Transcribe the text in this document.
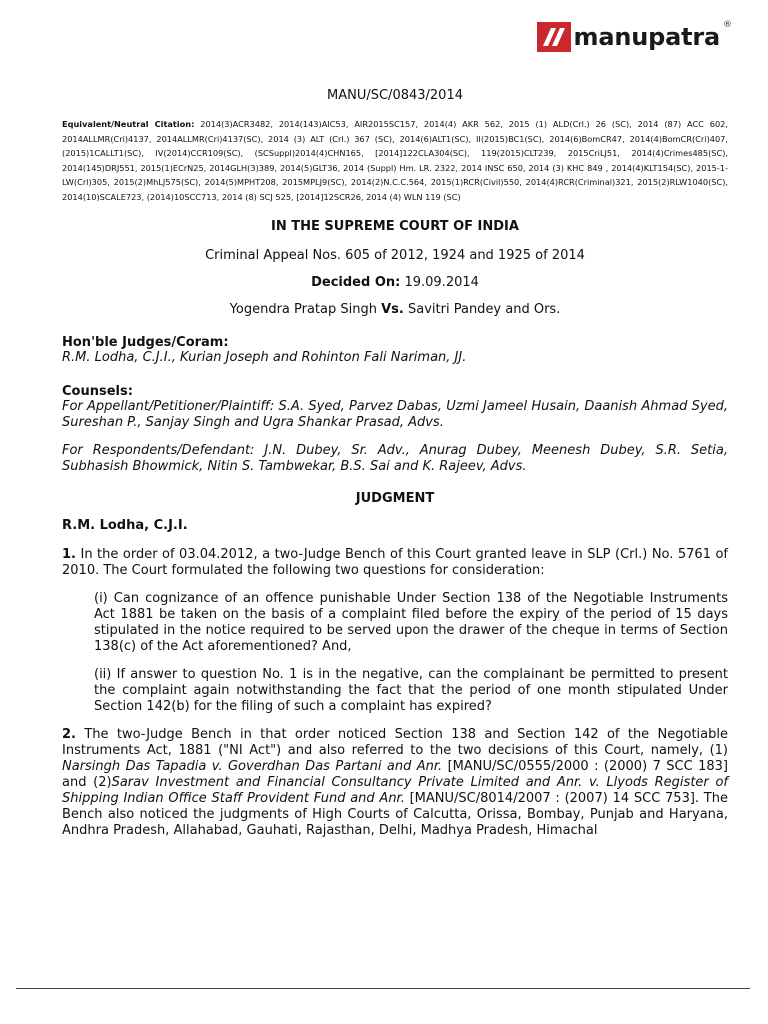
manupatra ®

MANU/SC/0843/2014

Equivalent/Neutral Citation: 2014(3)ACR3482, 2014(143)AIC53, AIR2015SC157, 2014(4) AKR 562, 2015 (1) ALD(Crl.) 26 (SC), 2014 (87) ACC 602, 2014ALLMR(Cri)4137, 2014ALLMR(Cri)4137(SC), 2014 (3) ALT (Crl.) 367 (SC), 2014(6)ALT1(SC), II(2015)BC1(SC), 2014(6)BomCR47, 2014(4)BomCR(Cri)407, (2015)1CALLT1(SC), IV(2014)CCR109(SC), (SCSuppl)2014(4)CHN165, [2014]122CLA304(SC), 119(2015)CLT239, 2015CriLJ51, 2014(4)Crimes485(SC), 2014(145)DRJ551, 2015(1)ECrN25, 2014GLH(3)389, 2014(5)GLT36, 2014 (Suppl) Hm. LR. 2322, 2014 INSC 650, 2014 (3) KHC 849 , 2014(4)KLT154(SC), 2015-1-LW(Crl)305, 2015(2)MhLJ575(SC), 2014(5)MPHT208, 2015MPLJ9(SC), 2014(2)N.C.C.564, 2015(1)RCR(Civil)550, 2014(4)RCR(Criminal)321, 2015(2)RLW1040(SC), 2014(10)SCALE723, (2014)10SCC713, 2014 (8) SCJ 525, [2014]12SCR26, 2014 (4) WLN 119 (SC)

IN THE SUPREME COURT OF INDIA

Criminal Appeal Nos. 605 of 2012, 1924 and 1925 of 2014

Decided On: 19.09.2014

Yogendra Pratap Singh Vs. Savitri Pandey and Ors.

Hon'ble Judges/Coram:

R.M. Lodha, C.J.I., Kurian Joseph and Rohinton Fali Nariman, JJ.

Counsels:

For Appellant/Petitioner/Plaintiff: S.A. Syed, Parvez Dabas, Uzmi Jameel Husain, Daanish Ahmad Syed, Sureshan P., Sanjay Singh and Ugra Shankar Prasad, Advs.

For Respondents/Defendant: J.N. Dubey, Sr. Adv., Anurag Dubey, Meenesh Dubey, S.R. Setia, Subhasish Bhowmick, Nitin S. Tambwekar, B.S. Sai and K. Rajeev, Advs.

JUDGMENT

R.M. Lodha, C.J.I.

1. In the order of 03.04.2012, a two-Judge Bench of this Court granted leave in SLP (Crl.) No. 5761 of 2010. The Court formulated the following two questions for consideration:

(i) Can cognizance of an offence punishable Under Section 138 of the Negotiable Instruments Act 1881 be taken on the basis of a complaint filed before the expiry of the period of 15 days stipulated in the notice required to be served upon the drawer of the cheque in terms of Section 138(c) of the Act aforementioned? And,

(ii) If answer to question No. 1 is in the negative, can the complainant be permitted to present the complaint again notwithstanding the fact that the period of one month stipulated Under Section 142(b) for the filing of such a complaint has expired?

2. The two-Judge Bench in that order noticed Section 138 and Section 142 of the Negotiable Instruments Act, 1881 ("NI Act") and also referred to the two decisions of this Court, namely, (1) Narsingh Das Tapadia v. Goverdhan Das Partani and Anr. [MANU/SC/0555/2000 : (2000) 7 SCC 183] and (2)Sarav Investment and Financial Consultancy Private Limited and Anr. v. Llyods Register of Shipping Indian Office Staff Provident Fund and Anr. [MANU/SC/8014/2007 : (2007) 14 SCC 753]. The Bench also noticed the judgments of High Courts of Calcutta, Orissa, Bombay, Punjab and Haryana, Andhra Pradesh, Allahabad, Gauhati, Rajasthan, Delhi, Madhya Pradesh, Himachal
